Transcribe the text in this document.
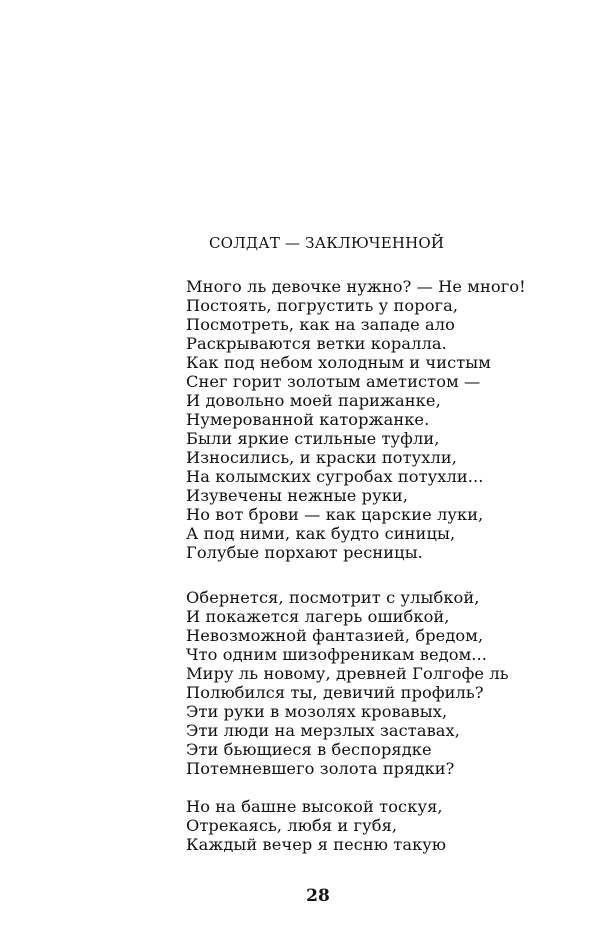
СОЛДАТ — ЗАКЛЮЧЕННОЙ
Много ль девочке нужно? — Не много!
Постоять, погрустить у порога,
Посмотреть, как на западе ало
Раскрываются ветки коралла.
Как под небом холодным и чистым
Снег горит золотым аметистом —
И довольно моей парижанке,
Нумерованной каторжанке.
Были яркие стильные туфли,
Износились, и краски потухли,
На колымских сугробах потухли...
Изувечены нежные руки,
Но вот брови — как царские луки,
А под ними, как будто синицы,
Голубые порхают ресницы.
Обернется, посмотрит с улыбкой,
И покажется лагерь ошибкой,
Невозможной фантазией, бредом,
Что одним шизофреникам ведом...
Миру ль новому, древней Голгофе ль
Полюбился ты, девичий профиль?
Эти руки в мозолях кровавых,
Эти люди на мерзлых заставах,
Эти бьющиеся в беспорядке
Потемневшего золота прядки?
Но на башне высокой тоскуя,
Отрекаясь, любя и губя,
Каждый вечер я песню такую
28
